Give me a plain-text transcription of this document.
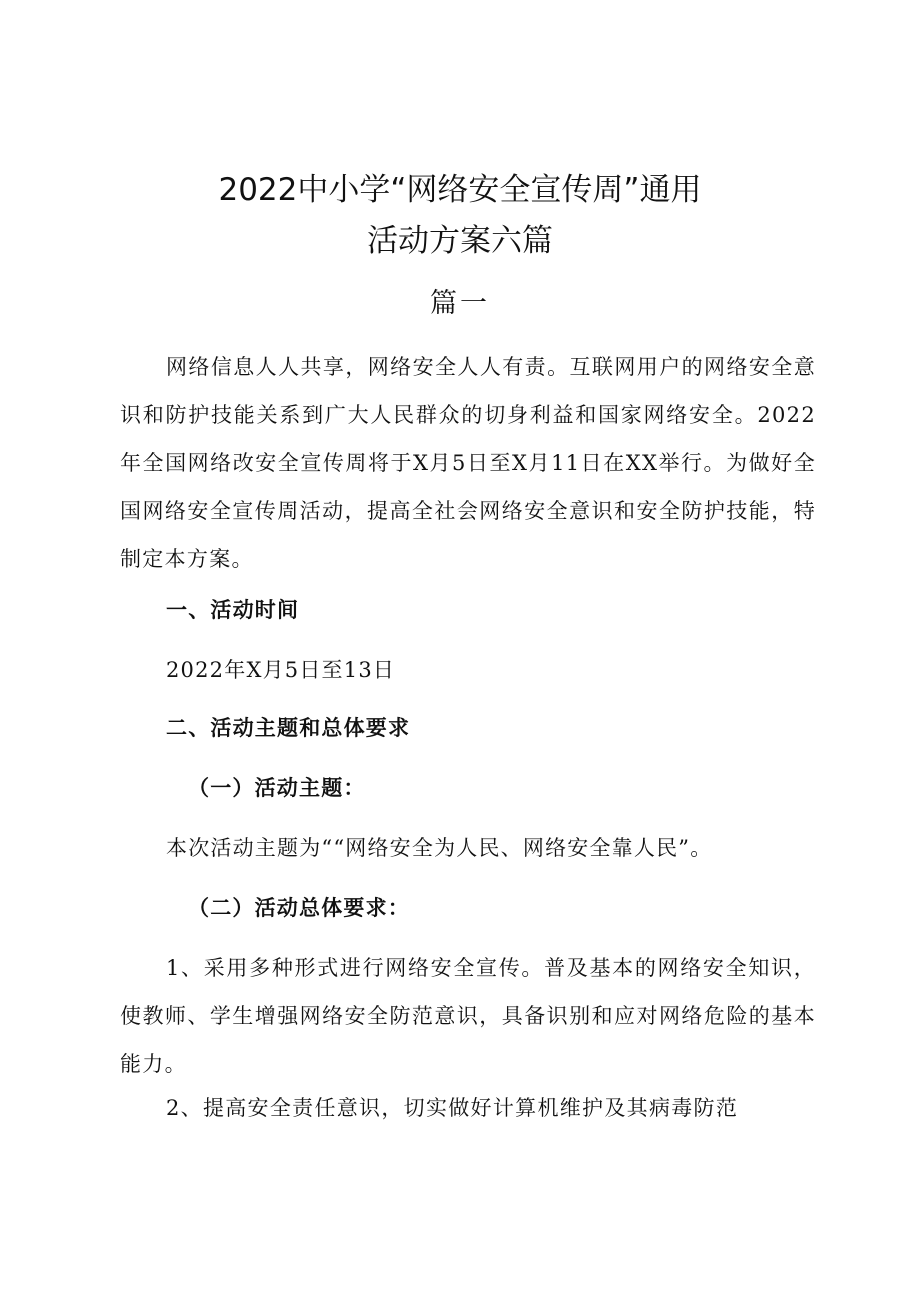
2022中小学“网络安全宣传周”通用
活动方案六篇
篇一

网络信息人人共享，网络安全人人有责。互联网用户的网络安全意识和防护技能关系到广大人民群众的切身利益和国家网络安全。2022年全国网络改安全宣传周将于X月5日至X月11日在XX举行。为做好全国网络安全宣传周活动，提高全社会网络安全意识和安全防护技能，特制定本方案。

一、活动时间
2022年X月5日至13日
二、活动主题和总体要求
（一）活动主题：
本次活动主题为““网络安全为人民、网络安全靠人民”。
（二）活动总体要求：

1、采用多种形式进行网络安全宣传。普及基本的网络安全知识，使教师、学生增强网络安全防范意识，具备识别和应对网络危险的基本能力。

2、提高安全责任意识，切实做好计算机维护及其病毒防范
